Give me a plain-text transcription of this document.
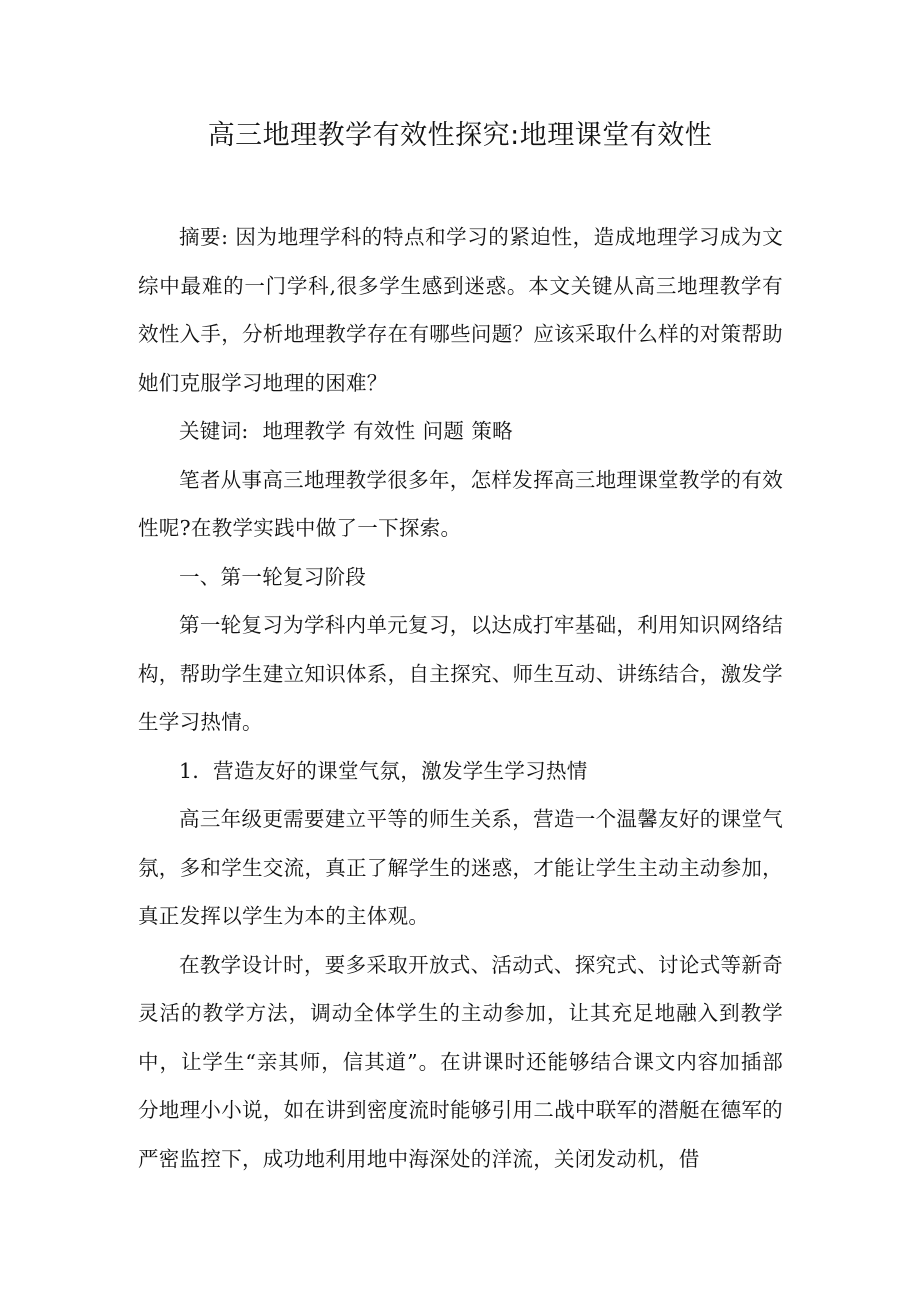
高三地理教学有效性探究:地理课堂有效性

摘要: 因为地理学科的特点和学习的紧迫性，造成地理学习成为文综中最难的一门学科,很多学生感到迷惑。本文关键从高三地理教学有效性入手，分析地理教学存在有哪些问题？应该采取什么样的对策帮助她们克服学习地理的困难？

关键词: 地理教学 有效性 问题 策略

笔者从事高三地理教学很多年，怎样发挥高三地理课堂教学的有效性呢?在教学实践中做了一下探索。

一、第一轮复习阶段

第一轮复习为学科内单元复习，以达成打牢基础，利用知识网络结构，帮助学生建立知识体系，自主探究、师生互动、讲练结合，激发学生学习热情。

1．营造友好的课堂气氛，激发学生学习热情

高三年级更需要建立平等的师生关系，营造一个温馨友好的课堂气氛，多和学生交流，真正了解学生的迷惑，才能让学生主动主动参加，真正发挥以学生为本的主体观。

在教学设计时，要多采取开放式、活动式、探究式、讨论式等新奇灵活的教学方法，调动全体学生的主动参加，让其充足地融入到教学中，让学生“亲其师，信其道”。在讲课时还能够结合课文内容加插部分地理小小说，如在讲到密度流时能够引用二战中联军的潜艇在德军的严密监控下，成功地利用地中海深处的洋流，关闭发动机，借
